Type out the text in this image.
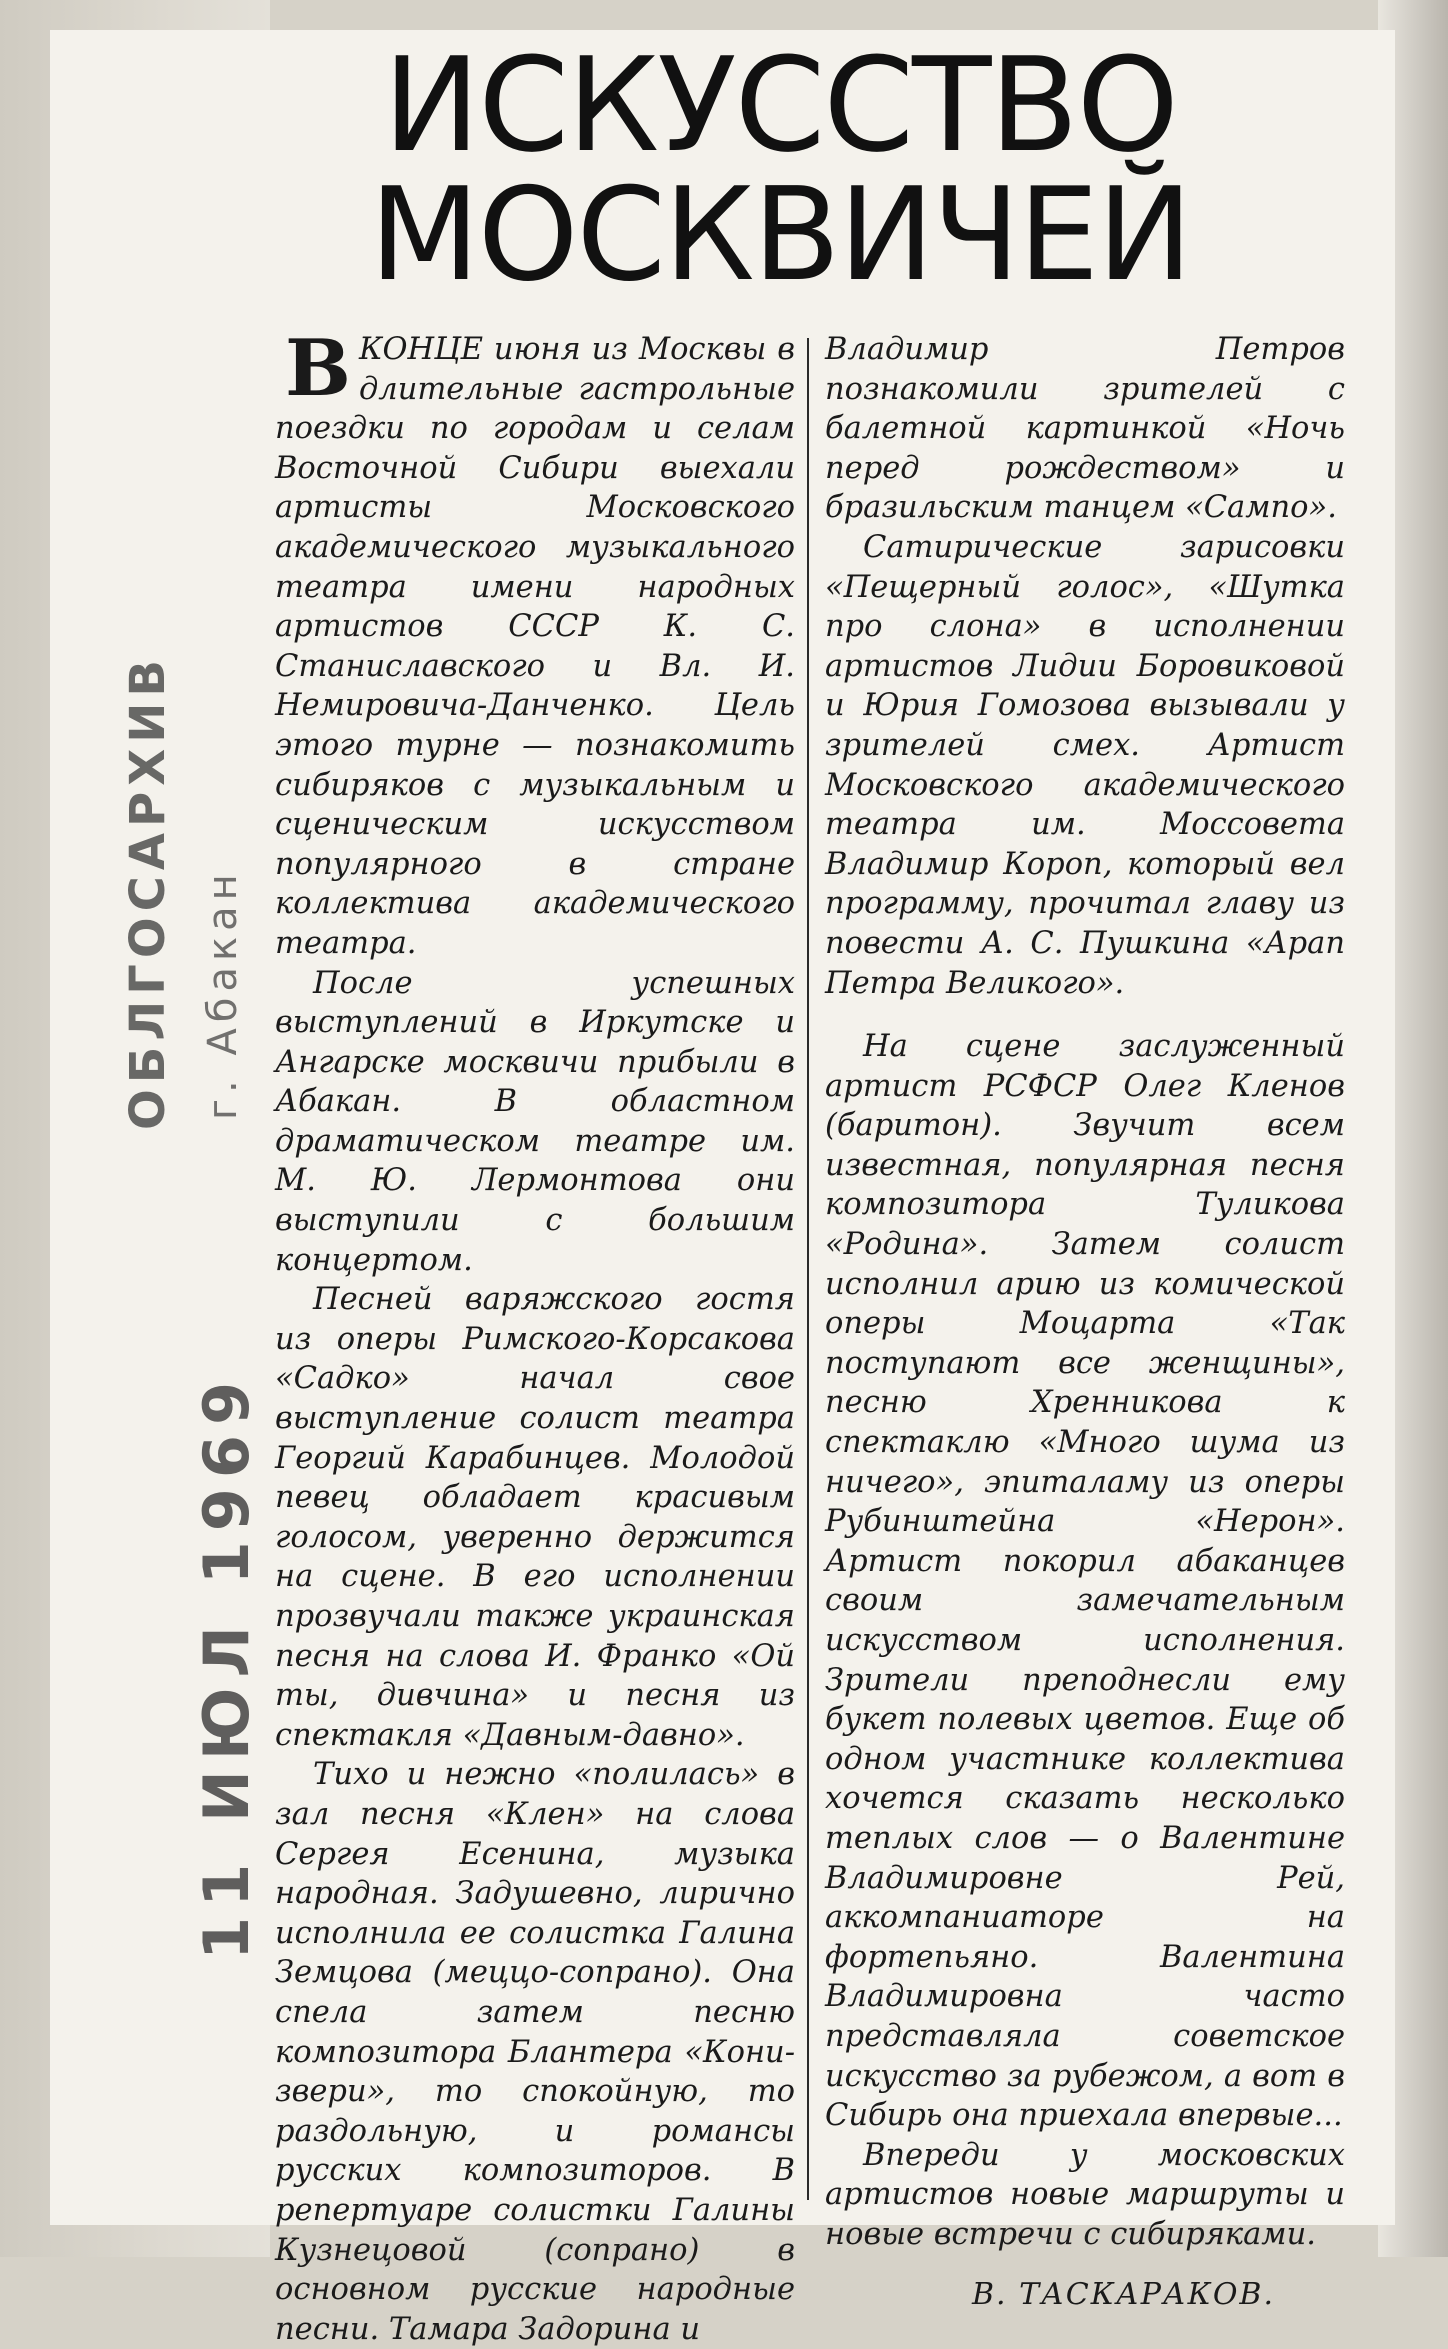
ОБЛГОСАРХИВ г. Абакан
11 ИЮЛ 1969
ИСКУССТВО
МОСКВИЧЕЙ

В КОНЦЕ июня из Москвы в длительные гастрольные поездки по городам и селам Восточной Сибири выехали артисты Московского академического музыкального театра имени народных артистов СССР К. С. Станиславского и Вл. И. Немировича-Данченко. Цель этого турне — познакомить сибиряков с музыкальным и сценическим искусством популярного в стране коллектива академического театра.

После успешных выступлений в Иркутске и Ангарске москвичи прибыли в Абакан. В областном драматическом театре им. М. Ю. Лермонтова они выступили с большим концертом.

Песней варяжского гостя из оперы Римского-Корсакова «Садко» начал свое выступление солист театра Георгий Карабинцев. Молодой певец обладает красивым голосом, уверенно держится на сцене. В его исполнении прозвучали также украинская песня на слова И. Франко «Ой ты, дивчина» и песня из спектакля «Давным-давно».

Тихо и нежно «полилась» в зал песня «Клен» на слова Сергея Есенина, музыка народная. Задушевно, лирично исполнила ее солистка Галина Земцова (меццо-сопрано). Она спела затем песню композитора Блантера «Кони-звери», то спокойную, то раздольную, и романсы русских композиторов. В репертуаре солистки Галины Кузнецовой (сопрано) в основном русские народные песни. Тамара Задорина и

Владимир Петров познакомили зрителей с балетной картинкой «Ночь перед рождеством» и бразильским танцем «Сампо».

Сатирические зарисовки «Пещерный голос», «Шутка про слона» в исполнении артистов Лидии Боровиковой и Юрия Гомозова вызывали у зрителей смех. Артист Московского академического театра им. Моссовета Владимир Короп, который вел программу, прочитал главу из повести А. С. Пушкина «Арап Петра Великого».

На сцене заслуженный артист РСФСР Олег Кленов (баритон). Звучит всем известная, популярная песня композитора Туликова «Родина». Затем солист исполнил арию из комической оперы Моцарта «Так поступают все женщины», песню Хренникова к спектаклю «Много шума из ничего», эпиталаму из оперы Рубинштейна «Нерон». Артист покорил абаканцев своим замечательным искусством исполнения. Зрители преподнесли ему букет полевых цветов. Еще об одном участнике коллектива хочется сказать несколько теплых слов — о Валентине Владимировне Рей, аккомпаниаторе на фортепьяно. Валентина Владимировна часто представляла советское искусство за рубежом, а вот в Сибирь она приехала впервые...

Впереди у московских артистов новые маршруты и новые встречи с сибиряками.

В. ТАСКАРАКОВ.
